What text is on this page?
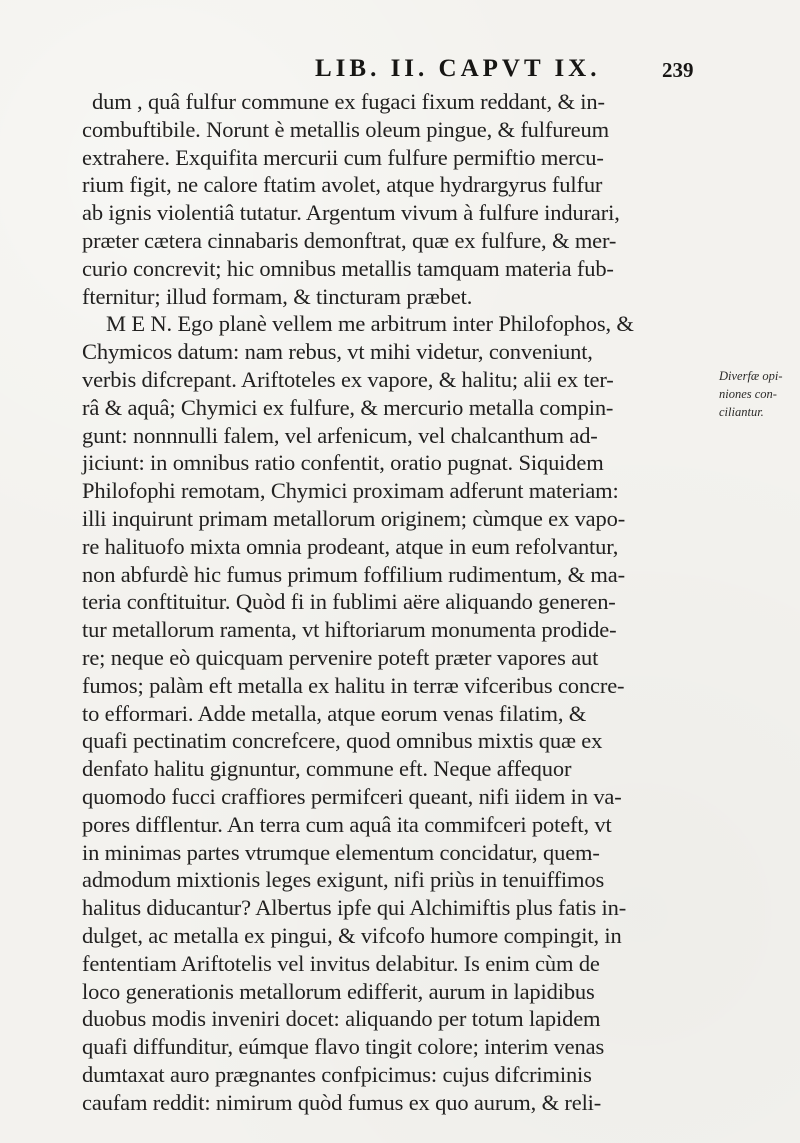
LIB. II. CAPVT IX.	239
dum , quâ fulfur commune ex fugaci fixum reddant, & in-
combuftibile. Norunt è metallis oleum pingue, & fulfureum
extrahere. Exquifita mercurii cum fulfure permiftio mercu-
rium figit, ne calore ftatim avolet, atque hydrargyrus fulfur
ab ignis violentiâ tutatur. Argentum vivum à fulfure indurari,
præter cætera cinnabaris demonftrat, quæ ex fulfure, & mer-
curio concrevit; hic omnibus metallis tamquam materia fub-
fternitur; illud formam, & tincturam præbet.
M E N. Ego planè vellem me arbitrum inter Philofophos, &
Chymicos datum: nam rebus, vt mihi videtur, conveniunt,
verbis difcrepant. Ariftoteles ex vapore, & halitu; alii ex ter-
râ & aquâ; Chymici ex fulfure, & mercurio metalla compin-
gunt: nonnnulli falem, vel arfenicum, vel chalcanthum ad-
jiciunt: in omnibus ratio confentit, oratio pugnat. Siquidem
Philofophi remotam, Chymici proximam adferunt materiam:
illi inquirunt primam metallorum originem; cùmque ex vapo-
re halituofo mixta omnia prodeant, atque in eum refolvantur,
non abfurdè hic fumus primum foffilium rudimentum, & ma-
teria conftituitur. Quòd fi in fublimi aëre aliquando generen-
tur metallorum ramenta, vt hiftoriarum monumenta prodide-
re; neque eò quicquam pervenire poteft præter vapores aut
fumos; palàm eft metalla ex halitu in terræ vifceribus concre-
to efformari. Adde metalla, atque eorum venas filatim, &
quafi pectinatim concrefcere, quod omnibus mixtis quæ ex
denfato halitu gignuntur, commune eft. Neque affequor
quomodo fucci craffiores permifceri queant, nifi iidem in va-
pores difflentur. An terra cum aquâ ita commifceri poteft, vt
in minimas partes vtrumque elementum concidatur, quem-
admodum mixtionis leges exigunt, nifi priùs in tenuiffimos
halitus diducantur? Albertus ipfe qui Alchimiftis plus fatis in-
dulget, ac metalla ex pingui, & vifcofo humore compingit, in
fententiam Ariftotelis vel invitus delabitur. Is enim cùm de
loco generationis metallorum edifferit, aurum in lapidibus
duobus modis inveniri docet: aliquando per totum lapidem
quafi diffunditur, eúmque flavo tingit colore; interim venas
dumtaxat auro prægnantes confpicimus: cujus difcriminis
caufam reddit: nimirum quòd fumus ex quo aurum, & reli-
Diverfæ opi-
niones con-
ciliantur.
